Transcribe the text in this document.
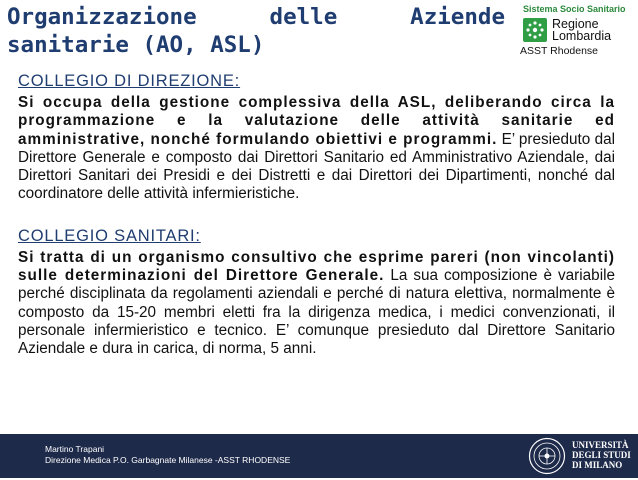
Organizzazione delle Aziende sanitarie (AO, ASL)
Sistema Socio Sanitario
Regione
Lombardia
ASST Rhodense
COLLEGIO DI DIREZIONE:

Si occupa della gestione complessiva della ASL, deliberando circa la programmazione e la valutazione delle attività sanitarie ed amministrative, nonché formulando obiettivi e programmi. E’ presieduto dal Direttore Generale e composto dai Direttori Sanitario ed Amministrativo Aziendale, dai Direttori Sanitari dei Presidi e dei Distretti e dai Direttori dei Dipartimenti, nonché dal coordinatore delle attività infermieristiche.

COLLEGIO SANITARI:

Si tratta di un organismo consultivo che esprime pareri (non vincolanti) sulle determinazioni del Direttore Generale. La sua composizione è variabile perché disciplinata da regolamenti aziendali e perché di natura elettiva, normalmente è composto da 15-20 membri eletti fra la dirigenza medica, i medici convenzionati, il personale infermieristico e tecnico. E’ comunque presieduto dal Direttore Sanitario Aziendale e dura in carica, di norma, 5 anni.

Martino Trapani
Direzione Medica P.O. Garbagnate Milanese -ASST RHODENSE
UNIVERSITÀ
DEGLI STUDI
DI MILANO
